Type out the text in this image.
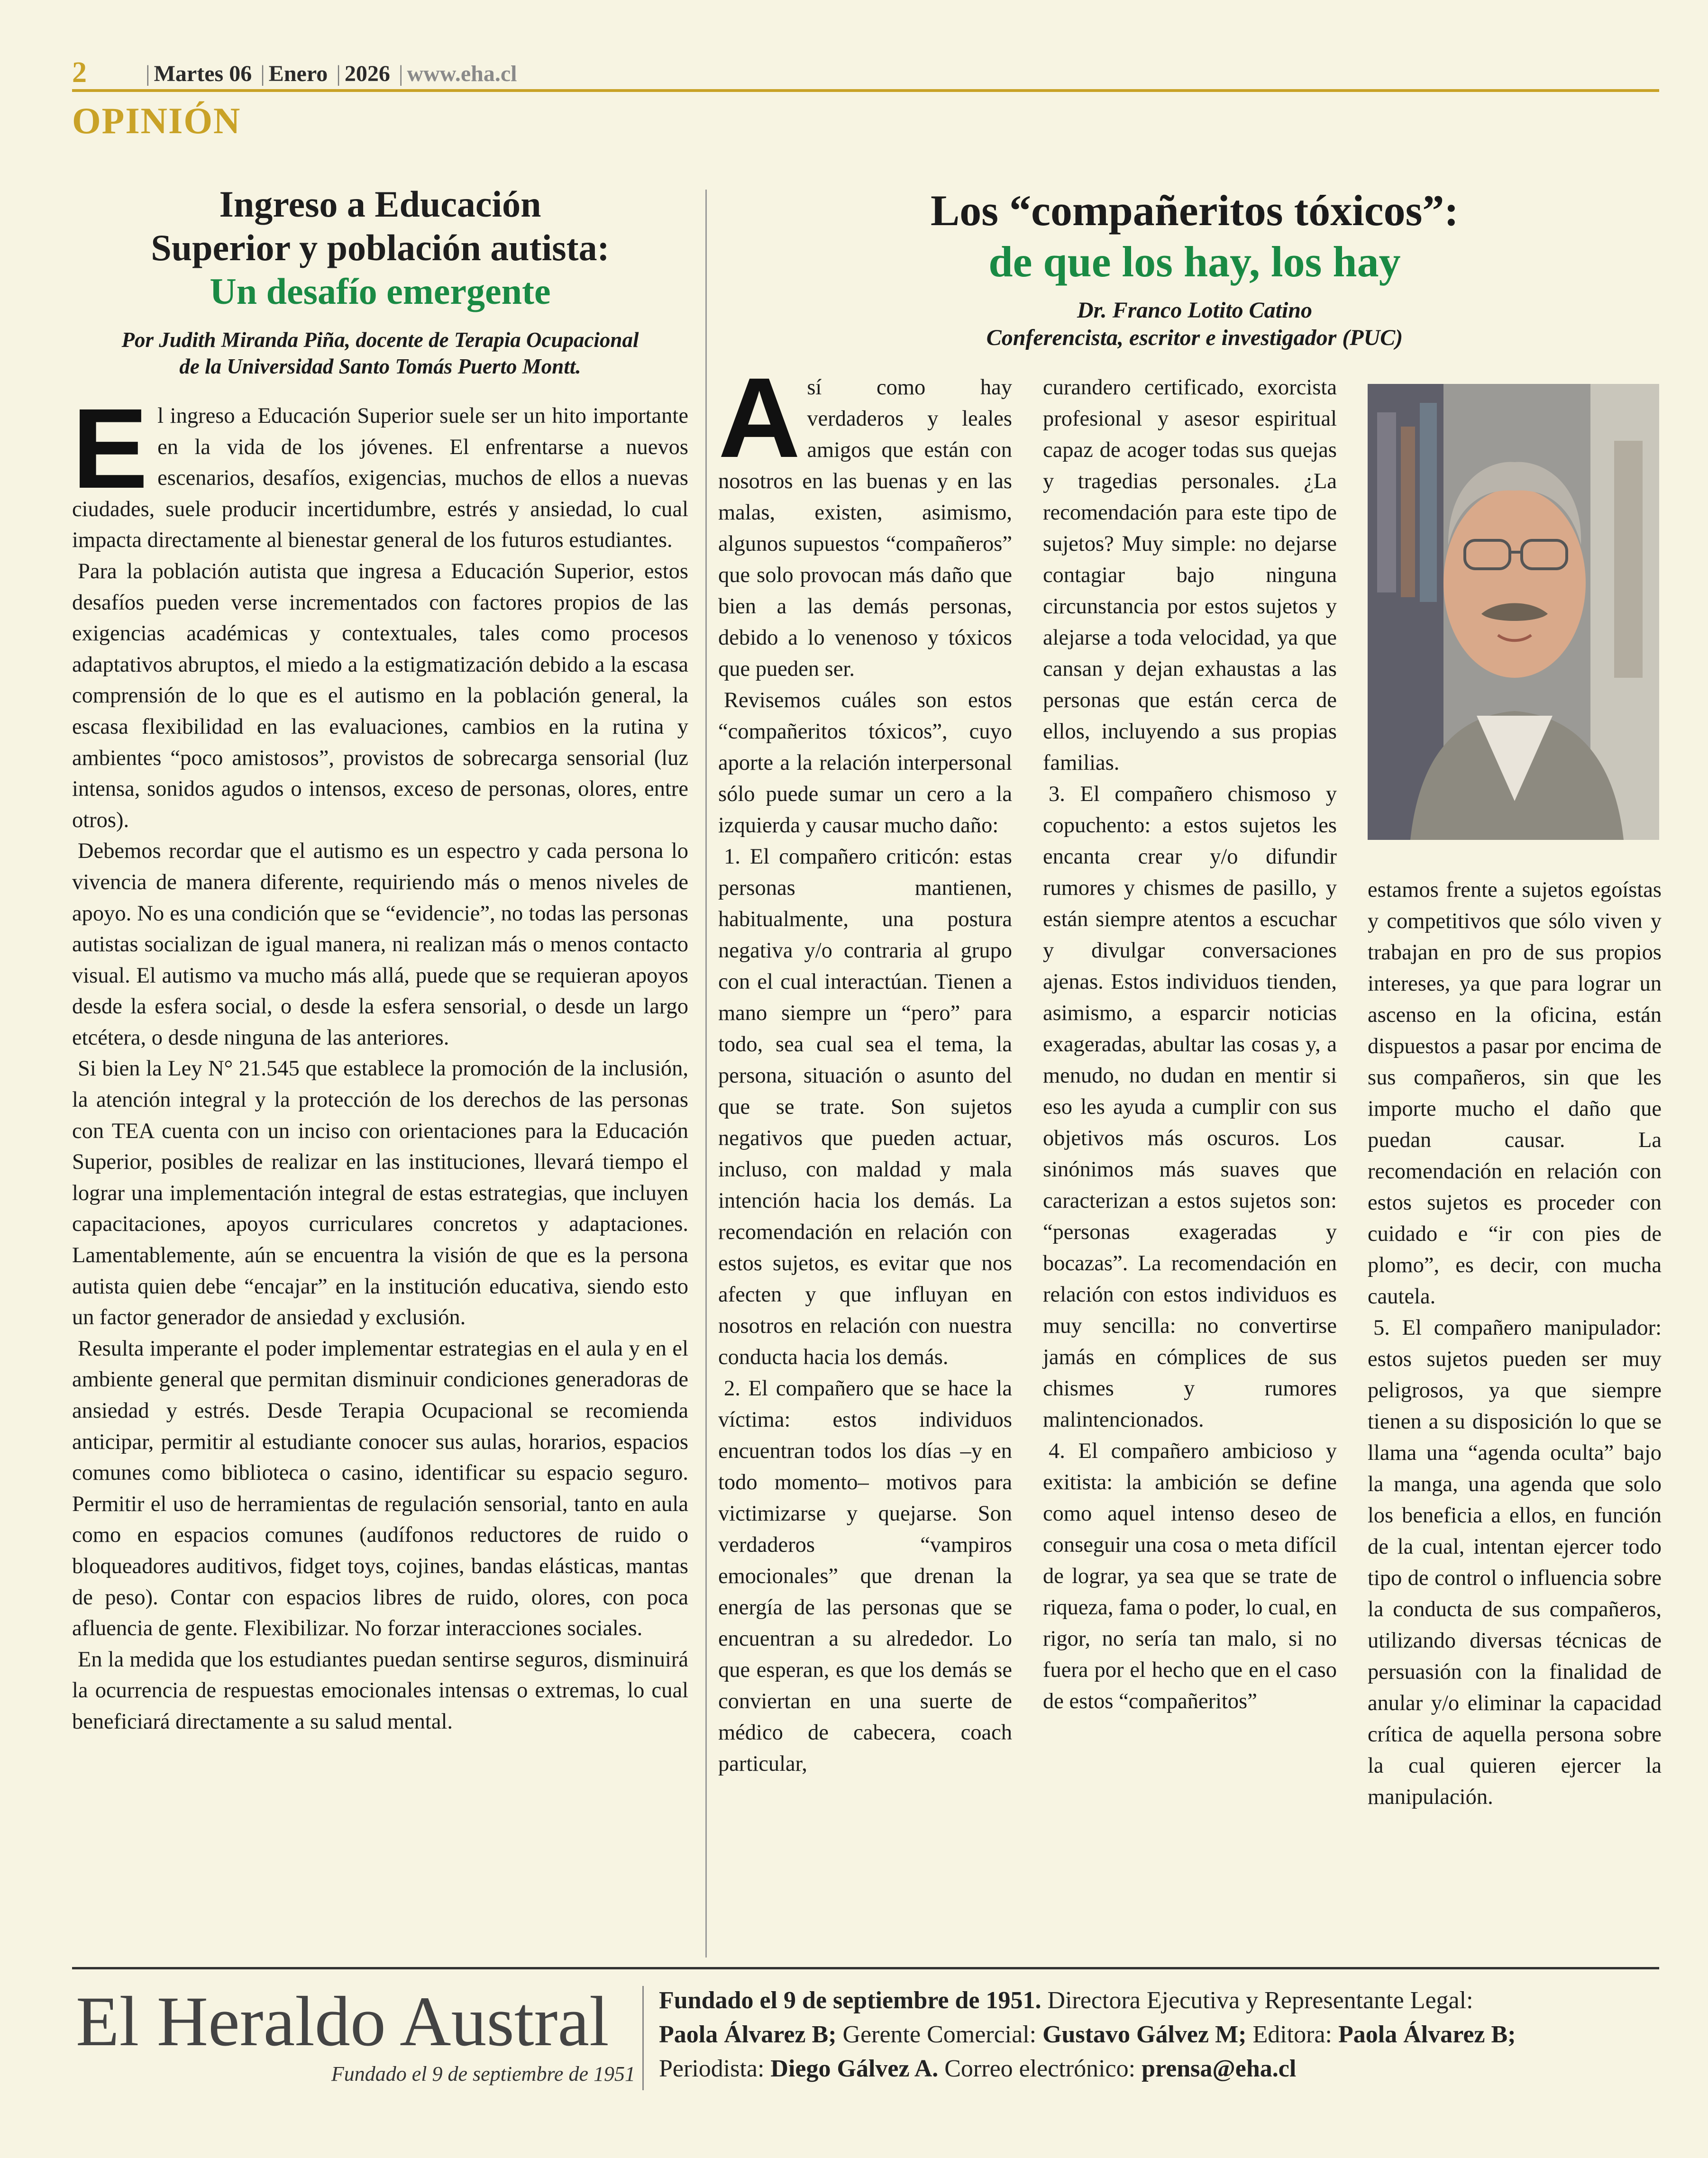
2	| Martes 06 | Enero | 2026 | www.eha.cl
OPINIÓN
Ingreso a Educación
Superior y población autista:
Un desafío emergente
Por Judith Miranda Piña, docente de Terapia Ocupacional
de la Universidad Santo Tomás Puerto Montt.

El ingreso a Educación Superior suele ser un hito importante en la vida de los jóvenes. El enfrentarse a nuevos escenarios, desafíos, exigencias, muchos de ellos a nuevas ciudades, suele producir incertidumbre, estrés y ansiedad, lo cual impacta directamente al bienestar general de los futuros estudiantes.

Para la población autista que ingresa a Educación Superior, estos desafíos pueden verse incrementados con factores propios de las exigencias académicas y contextuales, tales como procesos adaptativos abruptos, el miedo a la estigmatización debido a la escasa comprensión de lo que es el autismo en la población general, la escasa flexibilidad en las evaluaciones, cambios en la rutina y ambientes “poco amistosos”, provistos de sobrecarga sensorial (luz intensa, sonidos agudos o intensos, exceso de personas, olores, entre otros).

Debemos recordar que el autismo es un espectro y cada persona lo vivencia de manera diferente, requiriendo más o menos niveles de apoyo. No es una condición que se “evidencie”, no todas las personas autistas socializan de igual manera, ni realizan más o menos contacto visual. El autismo va mucho más allá, puede que se requieran apoyos desde la esfera social, o desde la esfera sensorial, o desde un largo etcétera, o desde ninguna de las anteriores.

Si bien la Ley N° 21.545 que establece la promoción de la inclusión, la atención integral y la protección de los derechos de las personas con TEA cuenta con un inciso con orientaciones para la Educación Superior, posibles de realizar en las instituciones, llevará tiempo el lograr una implementación integral de estas estrategias, que incluyen capacitaciones, apoyos curriculares concretos y adaptaciones. Lamentablemente, aún se encuentra la visión de que es la persona autista quien debe “encajar” en la institución educativa, siendo esto un factor generador de ansiedad y exclusión.

Resulta imperante el poder implementar estrategias en el aula y en el ambiente general que permitan disminuir condiciones generadoras de ansiedad y estrés. Desde Terapia Ocupacional se recomienda anticipar, permitir al estudiante conocer sus aulas, horarios, espacios comunes como biblioteca o casino, identificar su espacio seguro. Permitir el uso de herramientas de regulación sensorial, tanto en aula como en espacios comunes (audífonos reductores de ruido o bloqueadores auditivos, fidget toys, cojines, bandas elásticas, mantas de peso). Contar con espacios libres de ruido, olores, con poca afluencia de gente. Flexibilizar. No forzar interacciones sociales.

En la medida que los estudiantes puedan sentirse seguros, disminuirá la ocurrencia de respuestas emocionales intensas o extremas, lo cual beneficiará directamente a su salud mental.

Los “compañeritos tóxicos”:
de que los hay, los hay
Dr. Franco Lotito Catino
Conferencista, escritor e investigador (PUC)

Así como hay verdaderos y leales amigos que están con nosotros en las buenas y en las malas, existen, asimismo, algunos supuestos “compañeros” que solo provocan más daño que bien a las demás personas, debido a lo venenoso y tóxicos que pueden ser.

Revisemos cuáles son estos “compañeritos tóxicos”, cuyo aporte a la relación interpersonal sólo puede sumar un cero a la izquierda y causar mucho daño:

1. El compañero criticón: estas personas mantienen, habitualmente, una postura negativa y/o contraria al grupo con el cual interactúan. Tienen a mano siempre un “pero” para todo, sea cual sea el tema, la persona, situación o asunto del que se trate. Son sujetos negativos que pueden actuar, incluso, con maldad y mala intención hacia los demás. La recomendación en relación con estos sujetos, es evitar que nos afecten y que influyan en nosotros en relación con nuestra conducta hacia los demás.

2. El compañero que se hace la víctima: estos individuos encuentran todos los días –y en todo momento– motivos para victimizarse y quejarse. Son verdaderos “vampiros emocionales” que drenan la energía de las personas que se encuentran a su alrededor. Lo que esperan, es que los demás se conviertan en una suerte de médico de cabecera, coach particular,

curandero certificado, exorcista profesional y asesor espiritual capaz de acoger todas sus quejas y tragedias personales. ¿La recomendación para este tipo de sujetos? Muy simple: no dejarse contagiar bajo ninguna circunstancia por estos sujetos y alejarse a toda velocidad, ya que cansan y dejan exhaustas a las personas que están cerca de ellos, incluyendo a sus propias familias.

3. El compañero chismoso y copuchento: a estos sujetos les encanta crear y/o difundir rumores y chismes de pasillo, y están siempre atentos a escuchar y divulgar conversaciones ajenas. Estos individuos tienden, asimismo, a esparcir noticias exageradas, abultar las cosas y, a menudo, no dudan en mentir si eso les ayuda a cumplir con sus objetivos más oscuros. Los sinónimos más suaves que caracterizan a estos sujetos son: “personas exageradas y bocazas”. La recomendación en relación con estos individuos es muy sencilla: no convertirse jamás en cómplices de sus chismes y rumores malintencionados.

4. El compañero ambicioso y exitista: la ambición se define como aquel intenso deseo de conseguir una cosa o meta difícil de lograr, ya sea que se trate de riqueza, fama o poder, lo cual, en rigor, no sería tan malo, si no fuera por el hecho que en el caso de estos “compañeritos”

estamos frente a sujetos egoístas y competitivos que sólo viven y trabajan en pro de sus propios intereses, ya que para lograr un ascenso en la oficina, están dispuestos a pasar por encima de sus compañeros, sin que les importe mucho el daño que puedan causar. La recomendación en relación con estos sujetos es proceder con cuidado e “ir con pies de plomo”, es decir, con mucha cautela.

5. El compañero manipulador: estos sujetos pueden ser muy peligrosos, ya que siempre tienen a su disposición lo que se llama una “agenda oculta” bajo la manga, una agenda que solo los beneficia a ellos, en función de la cual, intentan ejercer todo tipo de control o influencia sobre la conducta de sus compañeros, utilizando diversas técnicas de persuasión con la finalidad de anular y/o eliminar la capacidad crítica de aquella persona sobre la cual quieren ejercer la manipulación.

El Heraldo Austral
Fundado el 9 de septiembre de 1951
Fundado el 9 de septiembre de 1951. Directora Ejecutiva y Representante Legal:
Paola Álvarez B; Gerente Comercial: Gustavo Gálvez M; Editora: Paola Álvarez B;
Periodista: Diego Gálvez A. Correo electrónico: prensa@eha.cl
